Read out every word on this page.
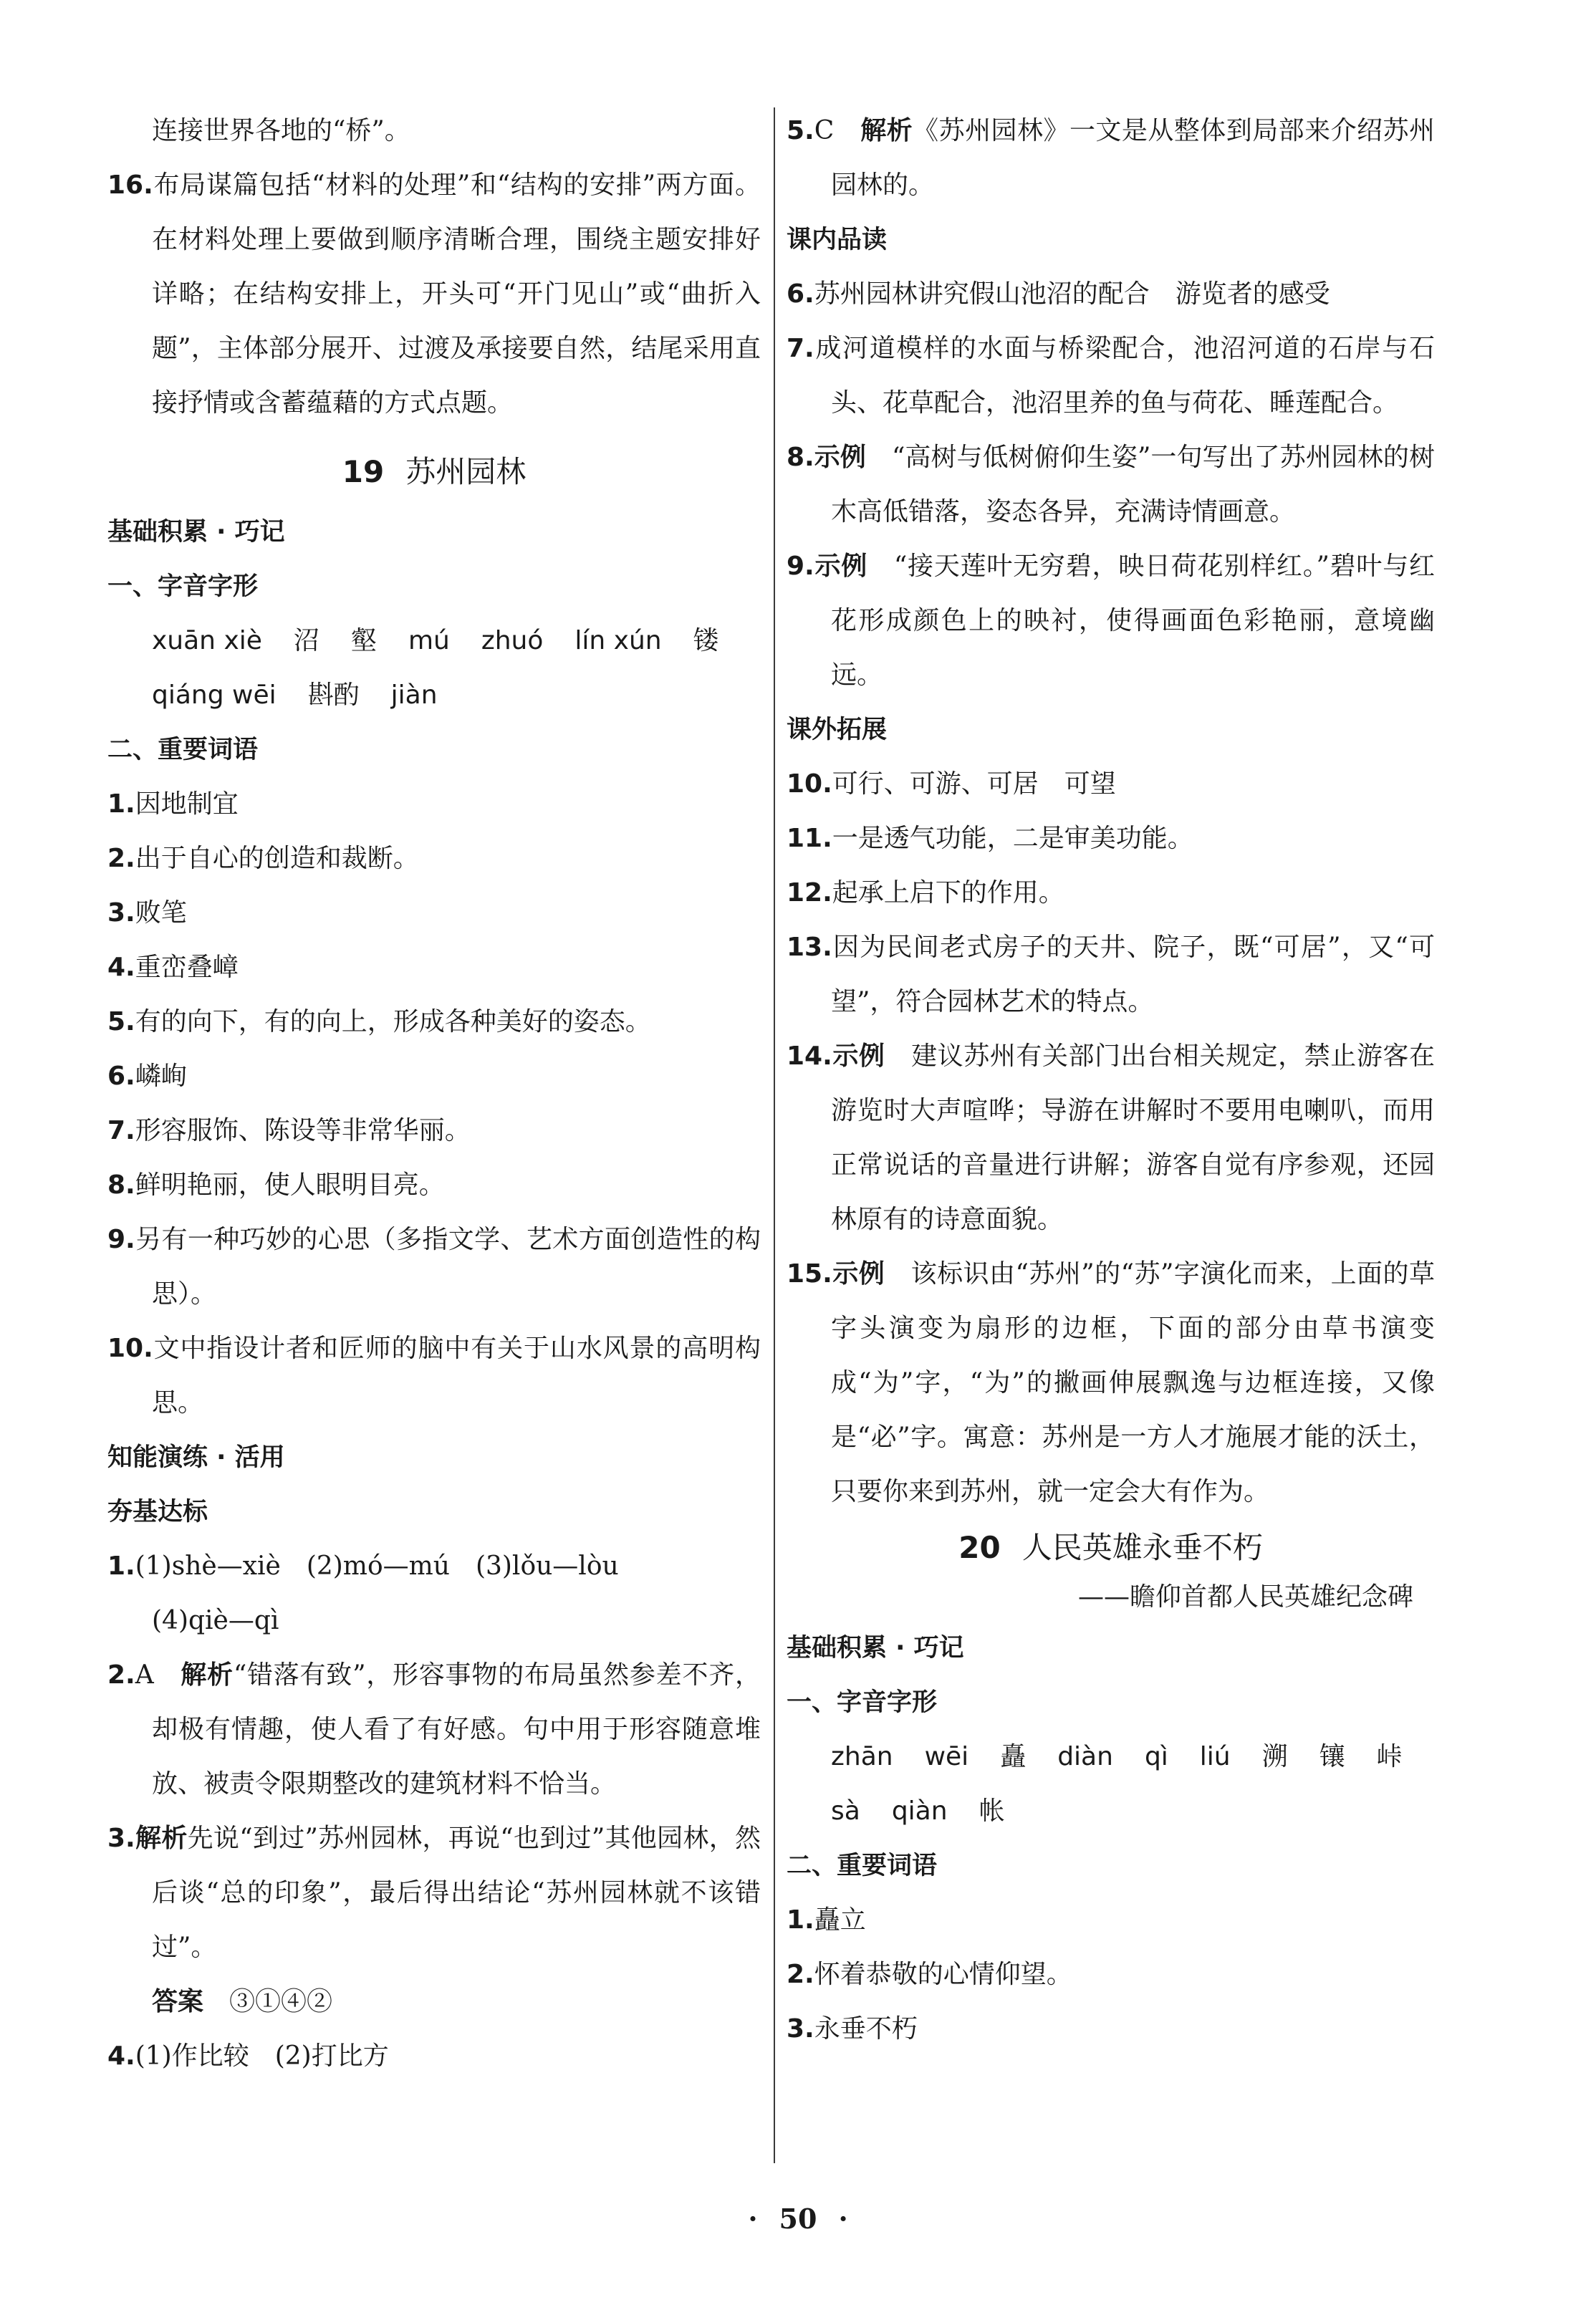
连接世界各地的“桥”。

16.布局谋篇包括“材料的处理”和“结构的安排”两方面。在材料处理上要做到顺序清晰合理，围绕主题安排好详略；在结构安排上，开头可“开门见山”或“曲折入题”，主体部分展开、过渡及承接要自然，结尾采用直接抒情或含蓄蕴藉的方式点题。

19 苏州园林

基础积累 · 巧记

一、字音字形

xuān xiè 沼 壑 mú zhuó lín xún 镂
qiáng wēi 斟酌 jiàn

二、重要词语

1.因地制宜

2.出于自心的创造和裁断。

3.败笔

4.重峦叠嶂

5.有的向下，有的向上，形成各种美好的姿态。

6.嶙峋

7.形容服饰、陈设等非常华丽。

8.鲜明艳丽，使人眼明目亮。

9.另有一种巧妙的心思（多指文学、艺术方面创造性的构思）。

10.文中指设计者和匠师的脑中有关于山水风景的高明构思。

知能演练 · 活用

夯基达标

1.(1)shè—xiè　(2)mó—mú　(3)lǒu—lòu
(4)qiè—qì

2.A　 解析“错落有致”，形容事物的布局虽然参差不齐，却极有情趣，使人看了有好感。句中用于形容随意堆放、被责令限期整改的建筑材料不恰当。

3.解析先说“到过”苏州园林，再说“也到过”其他园林，然后谈“总的印象”，最后得出结论“苏州园林就不该错过”。

答案　 ③①④②

4.(1)作比较　(2)打比方

5.C　 解析《苏州园林》一文是从整体到局部来介绍苏州园林的。

课内品读

6.苏州园林讲究假山池沼的配合　游览者的感受

7.成河道模样的水面与桥梁配合，池沼河道的石岸与石头、花草配合，池沼里养的鱼与荷花、睡莲配合。

8.示例　 “高树与低树俯仰生姿”一句写出了苏州园林的树木高低错落，姿态各异，充满诗情画意。

9.示例　 “接天莲叶无穷碧，映日荷花别样红。”碧叶与红花形成颜色上的映衬，使得画面色彩艳丽，意境幽远。

课外拓展

10.可行、可游、可居　可望

11.一是透气功能，二是审美功能。

12.起承上启下的作用。

13.因为民间老式房子的天井、院子，既“可居”，又“可望”，符合园林艺术的特点。

14.示例　 建议苏州有关部门出台相关规定，禁止游客在游览时大声喧哗；导游在讲解时不要用电喇叭，而用正常说话的音量进行讲解；游客自觉有序参观，还园林原有的诗意面貌。

15.示例　 该标识由“苏州”的“苏”字演化而来，上面的草字头演变为扇形的边框，下面的部分由草书演变成“为”字，“为”的撇画伸展飘逸与边框连接，又像是“必”字。寓意：苏州是一方人才施展才能的沃土，只要你来到苏州，就一定会大有作为。

20 人民英雄永垂不朽

——瞻仰首都人民英雄纪念碑

基础积累 · 巧记

一、字音字形

zhān wēi 矗 diàn qì liú 溯 镶 峠
sà qiàn 帐

二、重要词语

1.矗立

2.怀着恭敬的心情仰望。

3.永垂不朽

· 50 ·
